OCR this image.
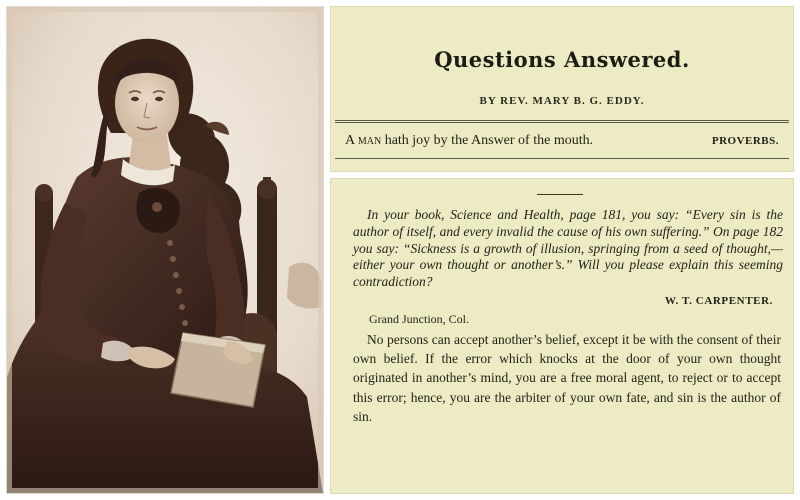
Questions Answered.
BY REV. MARY B. G. EDDY.
A man hath joy by the Answer of the mouth.	PROVERBS.

In your book, Science and Health, page 181, you say: “Every sin is the author of itself, and every invalid the cause of his own suffering.” On page 182 you say: “Sickness is a growth of illusion, springing from a seed of thought,— either your own thought or another’s.” Will you please explain this seeming contradiction?

W. T. CARPENTER.
Grand Junction, Col.

No persons can accept another’s belief, except it be with the consent of their own belief. If the error which knocks at the door of your own thought originated in another’s mind, you are a free moral agent, to reject or to accept this error; hence, you are the arbiter of your own fate, and sin is the author of sin.
